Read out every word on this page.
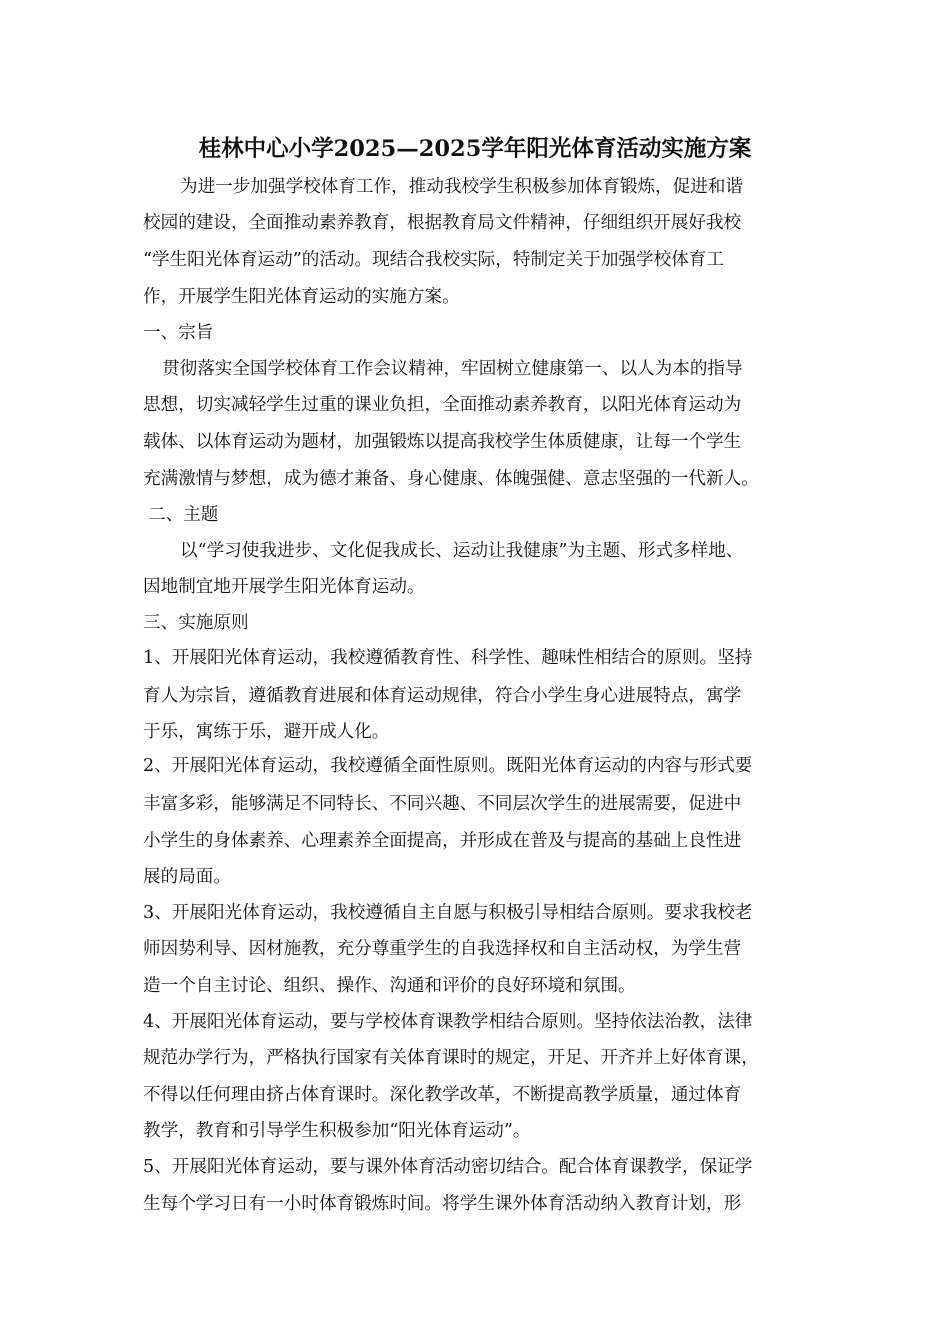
桂林中心小学2025—2025学年阳光体育活动实施方案
为进一步加强学校体育工作，推动我校学生积极参加体育锻炼，促进和谐
校园的建设，全面推动素养教育，根据教育局文件精神，仔细组织开展好我校
“学生阳光体育运动”的活动。现结合我校实际，特制定关于加强学校体育工
作，开展学生阳光体育运动的实施方案。
一、宗旨
贯彻落实全国学校体育工作会议精神，牢固树立健康第一、以人为本的指导
思想，切实减轻学生过重的课业负担，全面推动素养教育，以阳光体育运动为
载体、以体育运动为题材，加强锻炼以提高我校学生体质健康，让每一个学生
充满激情与梦想，成为德才兼备、身心健康、体魄强健、意志坚强的一代新人。
二、主题
以“学习使我进步、文化促我成长、运动让我健康”为主题、形式多样地、
因地制宜地开展学生阳光体育运动。
三、实施原则
1、开展阳光体育运动，我校遵循教育性、科学性、趣味性相结合的原则。坚持
育人为宗旨，遵循教育进展和体育运动规律，符合小学生身心进展特点，寓学
于乐，寓练于乐，避开成人化。
2、开展阳光体育运动，我校遵循全面性原则。既阳光体育运动的内容与形式要
丰富多彩，能够满足不同特长、不同兴趣、不同层次学生的进展需要，促进中
小学生的身体素养、心理素养全面提高，并形成在普及与提高的基础上良性进
展的局面。
3、开展阳光体育运动，我校遵循自主自愿与积极引导相结合原则。要求我校老
师因势利导、因材施教，充分尊重学生的自我选择权和自主活动权，为学生营
造一个自主讨论、组织、操作、沟通和评价的良好环境和氛围。
4、开展阳光体育运动，要与学校体育课教学相结合原则。坚持依法治教，法律
规范办学行为，严格执行国家有关体育课时的规定，开足、开齐并上好体育课，
不得以任何理由挤占体育课时。深化教学改革，不断提高教学质量，通过体育
教学，教育和引导学生积极参加“阳光体育运动”。
5、开展阳光体育运动，要与课外体育活动密切结合。配合体育课教学，保证学
生每个学习日有一小时体育锻炼时间。将学生课外体育活动纳入教育计划，形
